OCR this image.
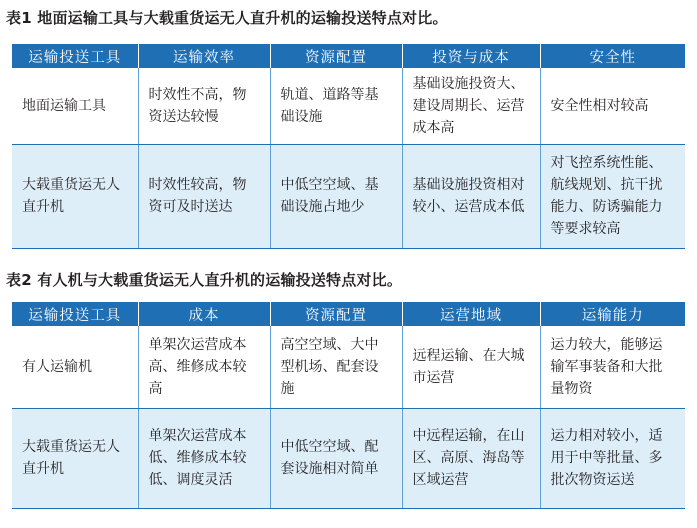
表1 地面运输工具与大载重货运无人直升机的运输投送特点对比。
运输投送工具	运输效率	资源配置	投资与成本	安全性
地面运输工具	时效性不高，物资送达较慢	轨道、道路等基础设施	基础设施投资大、建设周期长、运营成本高	安全性相对较高
大载重货运无人直升机	时效性较高，物资可及时送达	中低空空域、基础设施占地少	基础设施投资相对较小、运营成本低	对飞控系统性能、航线规划、抗干扰能力、防诱骗能力等要求较高
表2 有人机与大载重货运无人直升机的运输投送特点对比。
运输投送工具	成本	资源配置	运营地域	运输能力
有人运输机	单架次运营成本高、维修成本较高	高空空域、大中型机场、配套设施	远程运输、在大城市运营	运力较大，能够运输军事装备和大批量物资
大载重货运无人直升机	单架次运营成本低、维修成本较低、调度灵活	中低空空域、配套设施相对简单	中远程运输，在山区、高原、海岛等区域运营	运力相对较小，适用于中等批量、多批次物资运送
